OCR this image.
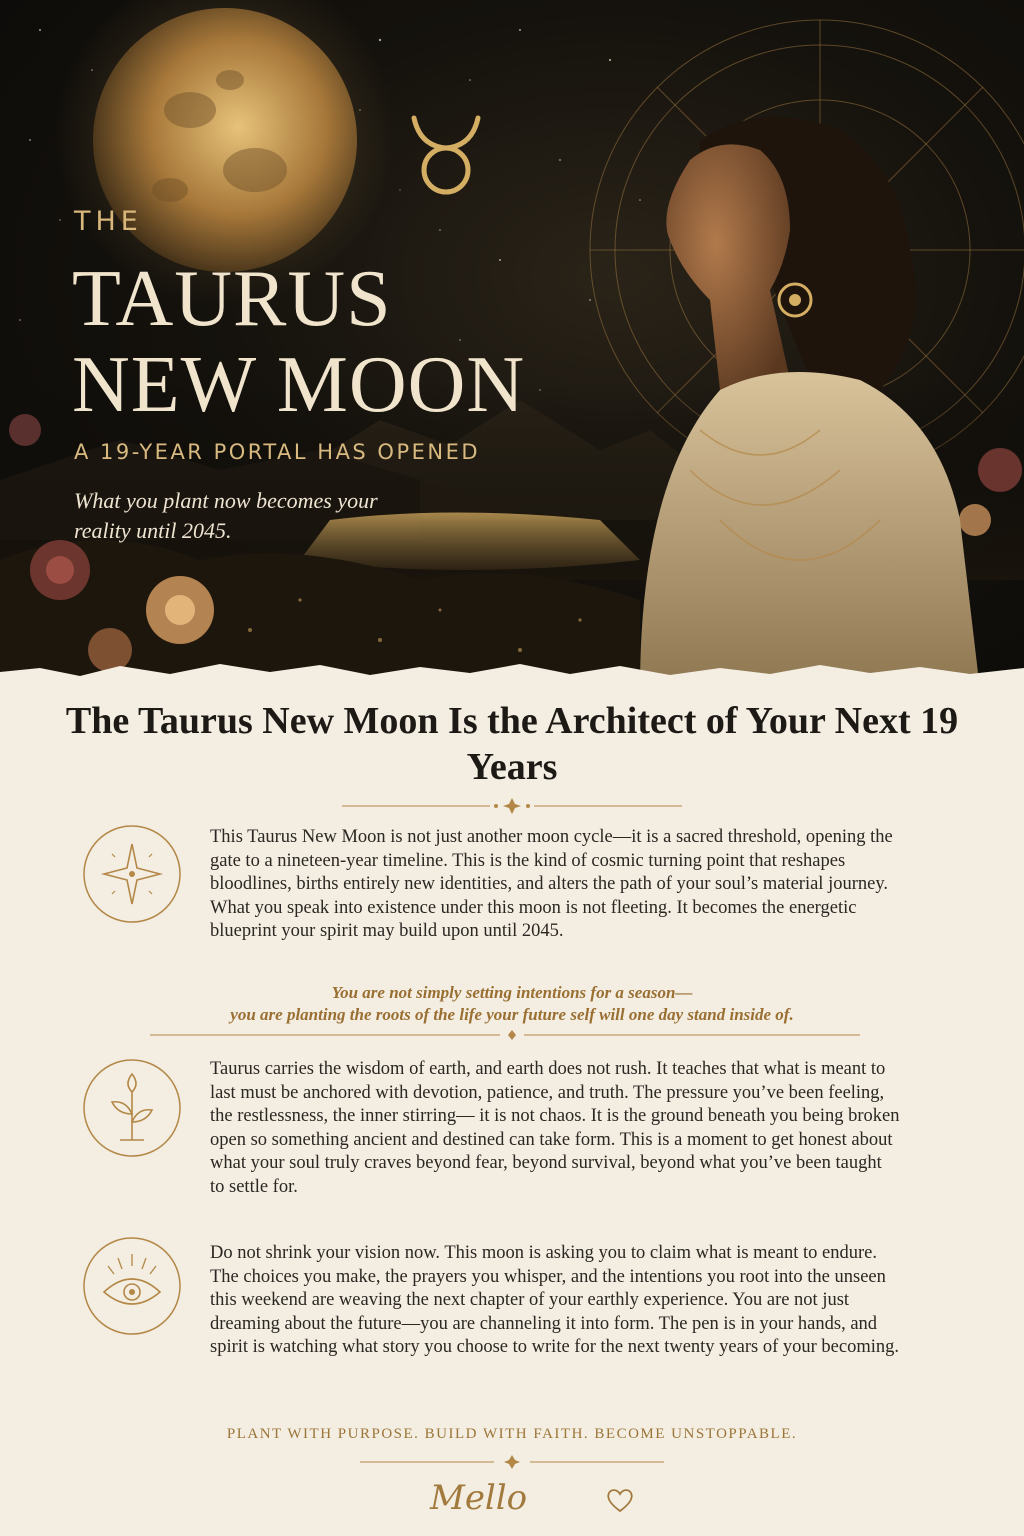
THE
TAURUS
NEW MOON
A 19-YEAR PORTAL HAS OPENED
What you plant now becomes your reality until 2045.
The Taurus New Moon Is the Architect of Your Next 19 Years
This Taurus New Moon is not just another moon cycle—it is a sacred threshold, opening the gate to a nineteen-year timeline. This is the kind of cosmic turning point that reshapes bloodlines, births entirely new identities, and alters the path of your soul’s material journey. What you speak into existence under this moon is not fleeting. It becomes the energetic blueprint your spirit may build upon until 2045.
You are not simply setting intentions for a season—
you are planting the roots of the life your future self will one day stand inside of.
Taurus carries the wisdom of earth, and earth does not rush. It teaches that what is meant to last must be anchored with devotion, patience, and truth. The pressure you’ve been feeling, the restlessness, the inner stirring— it is not chaos. It is the ground beneath you being broken open so something ancient and destined can take form. This is a moment to get honest about what your soul truly craves beyond fear, beyond survival, beyond what you’ve been taught to settle for.
Do not shrink your vision now. This moon is asking you to claim what is meant to endure. The choices you make, the prayers you whisper, and the intentions you root into the unseen this weekend are weaving the next chapter of your earthly experience. You are not just dreaming about the future—you are channeling it into form. The pen is in your hands, and spirit is watching what story you choose to write for the next twenty years of your becoming.
PLANT WITH PURPOSE. BUILD WITH FAITH. BECOME UNSTOPPABLE.
Mello
